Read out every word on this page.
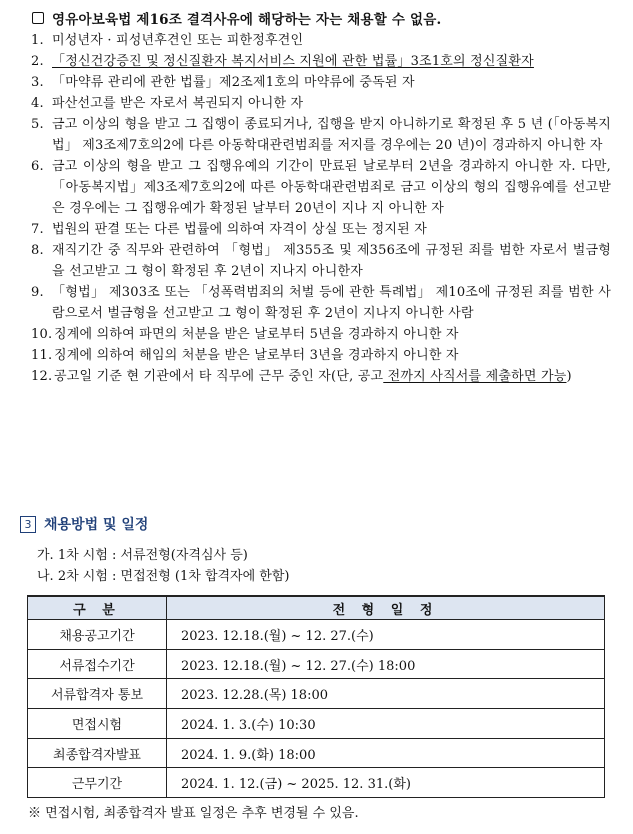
영유아보육법 제16조 결격사유에 해당하는 자는 채용할 수 없음.
1. 미성년자 · 피성년후견인 또는 피한정후견인
2. 「정신건강증진 및 정신질환자 복지서비스 지원에 관한 법률」3조1호의 정신질환자
3. 「마약류 관리에 관한 법률」제2조제1호의 마약류에 중독된 자
4. 파산선고를 받은 자로서 복권되지 아니한 자
5. 금고 이상의 형을 받고 그 집행이 종료되거나, 집행을 받지 아니하기로 확정된 후 5 년 (「아동복지법」 제3조제7호의2에 다른 아동학대관련범죄를 저지를 경우에는 20 년)이 경과하지 아니한 자
6. 금고 이상의 형을 받고 그 집행유예의 기간이 만료된 날로부터 2년을 경과하지 아니한 자. 다만, 「아동복지법」제3조제7호의2에 따른 아동학대관련범죄로 금고 이상의 형의 집행유예를 선고받은 경우에는 그 집행유예가 확정된 날부터 20년이 지나 지 아니한 자
7. 법원의 판결 또는 다른 법률에 의하여 자격이 상실 또는 정지된 자
8. 재직기간 중 직무와 관련하여 「형법」 제355조 및 제356조에 규정된 죄를 범한 자로서 벌금형을 선고받고 그 형이 확정된 후 2년이 지나지 아니한자
9. 「형법」 제303조 또는 「성폭력범죄의 처벌 등에 관한 특례법」 제10조에 규정된 죄를 범한 사람으로서 벌금형을 선고받고 그 형이 확정된 후 2년이 지나지 아니한 사람
10. 징계에 의하여 파면의 처분을 받은 날로부터 5년을 경과하지 아니한 자
11. 징계에 의하여 해임의 처분을 받은 날로부터 3년을 경과하지 아니한 자
12. 공고일 기준 현 기관에서 타 직무에 근무 중인 자(단, 공고 전까지 사직서를 제출하면 가능)
3 채용방법 및 일정
가. 1차 시험 : 서류전형(자격심사 등)
나. 2차 시험 : 면접전형 (1차 합격자에 한함)
구 분	전 형 일 정
채용공고기간	2023. 12.18.(월) ~ 12. 27.(수)
서류접수기간	2023. 12.18.(월) ~ 12. 27.(수) 18:00
서류합격자 통보	2023. 12.28.(목) 18:00
면접시험	2024. 1. 3.(수) 10:30
최종합격자발표	2024. 1. 9.(화) 18:00
근무기간	2024. 1. 12.(금) ~ 2025. 12. 31.(화)
※ 면접시험, 최종합격자 발표 일정은 추후 변경될 수 있음.
